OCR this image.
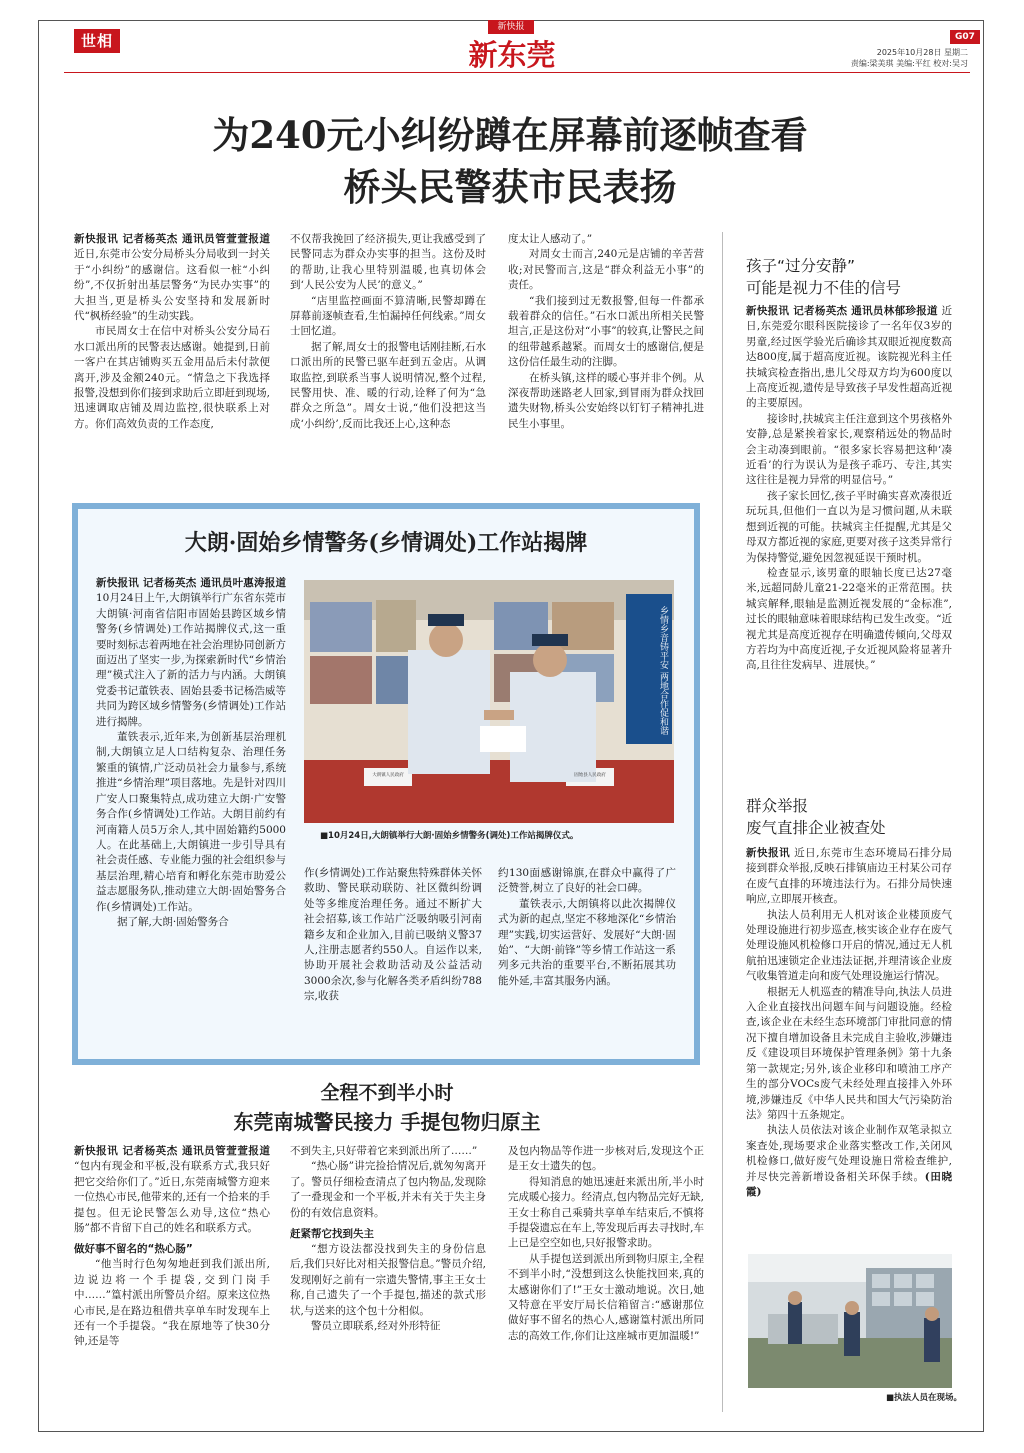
世相
新快报
新东莞
G07
2025年10月28日 星期二
责编:梁美琪 美编:平红 校对:吴习
为240元小纠纷蹲在屏幕前逐帧查看
桥头民警获市民表扬

新快报讯 记者杨英杰 通讯员管萱萱报道 近日,东莞市公安分局桥头分局收到一封关于“小纠纷”的感谢信。这看似一桩“小纠纷”,不仅折射出基层警务“为民办实事”的大担当,更是桥头公安坚持和发展新时代“枫桥经验”的生动实践。

市民周女士在信中对桥头公安分局石水口派出所的民警表达感谢。她提到,日前一客户在其店铺购买五金用品后未付款便离开,涉及金额240元。“情急之下我选择报警,没想到你们接到求助后立即赶到现场,迅速调取店铺及周边监控,很快联系上对方。你们高效负责的工作态度,

不仅帮我挽回了经济损失,更让我感受到了民警同志为群众办实事的担当。这份及时的帮助,让我心里特别温暖,也真切体会到‘人民公安为人民’的意义。”

“店里监控画面不算清晰,民警却蹲在屏幕前逐帧查看,生怕漏掉任何线索。”周女士回忆道。

据了解,周女士的报警电话刚挂断,石水口派出所的民警已驱车赶到五金店。从调取监控,到联系当事人说明情况,整个过程,民警用快、准、暖的行动,诠释了何为“急群众之所急”。周女士说,“他们没把这当成‘小纠纷’,反而比我还上心,这种态

度太让人感动了。”

对周女士而言,240元是店铺的辛苦营收;对民警而言,这是“群众利益无小事”的责任。

“我们接到过无数报警,但每一件都承载着群众的信任。”石水口派出所相关民警坦言,正是这份对“小事”的较真,让警民之间的纽带越系越紧。而周女士的感谢信,便是这份信任最生动的注脚。

在桥头镇,这样的暖心事并非个例。从深夜帮助迷路老人回家,到冒雨为群众找回遗失财物,桥头公安始终以钉钉子精神扎进民生小事里。

大朗·固始乡情警务(乡情调处)工作站揭牌

新快报讯 记者杨英杰 通讯员叶惠涛报道 10月24日上午,大朗镇举行广东省东莞市大朗镇·河南省信阳市固始县跨区域乡情警务(乡情调处)工作站揭牌仪式,这一重要时刻标志着两地在社会治理协同创新方面迈出了坚实一步,为探索新时代“乡情治理”模式注入了新的活力与内涵。大朗镇党委书记董铁表、固始县委书记杨浩威等共同为跨区域乡情警务(乡情调处)工作站进行揭牌。

董铁表示,近年来,为创新基层治理机制,大朗镇立足人口结构复杂、治理任务繁重的镇情,广泛动员社会力量参与,系统推进“乡情治理”项目落地。先是针对四川广安人口聚集特点,成功建立大朗·广安警务合作(乡情调处)工作站。大朗目前约有河南籍人员5万余人,其中固始籍约5000人。在此基础上,大朗镇进一步引导具有社会责任感、专业能力强的社会组织参与基层治理,精心培育和孵化东莞市助爱公益志愿服务队,推动建立大朗·固始警务合作(乡情调处)工作站。

据了解,大朗·固始警务合

乡情乡音铸平安 两地合作促和谐
大朗镇人民政府	固始县人民政府
■10月24日,大朗镇举行大朗·固始乡情警务(调处)工作站揭牌仪式。

作(乡情调处)工作站聚焦特殊群体关怀救助、警民联动联防、社区微纠纷调处等多维度治理任务。通过不断扩大社会招募,该工作站广泛吸纳吸引河南籍乡友和企业加入,目前已吸纳义警37人,注册志愿者约550人。自运作以来,协助开展社会救助活动及公益活动3000余次,参与化解各类矛盾纠纷788宗,收获

约130面感谢锦旗,在群众中赢得了广泛赞誉,树立了良好的社会口碑。

董铁表示,大朗镇将以此次揭牌仪式为新的起点,坚定不移地深化“乡情治理”实践,切实运营好、发展好“大朗·固始”、“大朗·前锋”等乡情工作站这一系列多元共治的重要平台,不断拓展其功能外延,丰富其服务内涵。

全程不到半小时
东莞南城警民接力 手提包物归原主

新快报讯 记者杨英杰 通讯员管萱萱报道 “包内有现金和平板,没有联系方式,我只好把它交给你们了。”近日,东莞南城警方迎来一位热心市民,他带来的,还有一个拾来的手提包。但无论民警怎么劝导,这位“热心肠”都不肯留下自己的姓名和联系方式。

做好事不留名的“热心肠”

“他当时行色匆匆地赶到我们派出所,边说边将一个手提袋,交到门岗手中……”篁村派出所警员介绍。原来这位热心市民,是在路边租借共享单车时发现车上还有一个手提袋。“我在原地等了快30分钟,还是等

不到失主,只好带着它来到派出所了……”

“热心肠”讲完捡拾情况后,就匆匆离开了。警员仔细检查清点了包内物品,发现除了一叠现金和一个平板,并未有关于失主身份的有效信息资料。

赶紧帮它找到失主

“想方设法都没找到失主的身份信息后,我们只好比对相关报警信息。”警员介绍,发现刚好之前有一宗遗失警情,事主王女士称,自己遗失了一个手提包,描述的款式形状,与送来的这个包十分相似。

警员立即联系,经对外形特征

及包内物品等作进一步核对后,发现这个正是王女士遗失的包。

得知消息的她迅速赶来派出所,半小时完成暖心接力。经清点,包内物品完好无缺,王女士称自己乘骑共享单车结束后,不慎将手提袋遗忘在车上,等发现后再去寻找时,车上已是空空如也,只好报警求助。

从手提包送到派出所到物归原主,全程不到半小时,“没想到这么快能找回来,真的太感谢你们了!”王女士激动地说。次日,她又特意在平安厅局长信箱留言:“感谢那位做好事不留名的热心人,感谢篁村派出所同志的高效工作,你们让这座城市更加温暖!”

孩子“过分安静”
可能是视力不佳的信号

新快报讯 记者杨英杰 通讯员林郁珍报道 近日,东莞爱尔眼科医院接诊了一名年仅3岁的男童,经过医学验光后确诊其双眼近视度数高达800度,属于超高度近视。该院视光科主任扶城宾检查指出,患儿父母双方均为600度以上高度近视,遗传是导致孩子早发性超高近视的主要原因。

接诊时,扶城宾主任注意到这个男孩格外安静,总是紧挨着家长,观察稍远处的物品时会主动凑到眼前。“很多家长容易把这种‘凑近看’的行为误认为是孩子乖巧、专注,其实这往往是视力异常的明显信号。”

孩子家长回忆,孩子平时确实喜欢凑很近玩玩具,但他们一直以为是习惯问题,从未联想到近视的可能。扶城宾主任提醒,尤其是父母双方都近视的家庭,更要对孩子这类异常行为保持警觉,避免因忽视延误干预时机。

检查显示,该男童的眼轴长度已达27毫米,远超同龄儿童21-22毫米的正常范围。扶城宾解释,眼轴是监测近视发展的“金标准”,过长的眼轴意味着眼球结构已发生改变。“近视尤其是高度近视存在明确遗传倾向,父母双方若均为中高度近视,子女近视风险将显著升高,且往往发病早、进展快。”

群众举报
废气直排企业被查处

新快报讯 近日,东莞市生态环境局石排分局接到群众举报,反映石排镇庙边王村某公司存在废气直排的环境违法行为。石排分局快速响应,立即展开核查。

执法人员利用无人机对该企业楼顶废气处理设施进行初步巡查,核实该企业存在废气处理设施风机检修口开启的情况,通过无人机航拍迅速锁定企业违法证据,并理清该企业废气收集管道走向和废气处理设施运行情况。

根据无人机巡查的精准导向,执法人员进入企业直接找出问题车间与问题设施。经检查,该企业在未经生态环境部门审批同意的情况下擅自增加设备且未完成自主验收,涉嫌违反《建设项目环境保护管理条例》第十九条第一款规定;另外,该企业移印和喷油工序产生的部分VOCs废气未经处理直接排入外环境,涉嫌违反《中华人民共和国大气污染防治法》第四十五条规定。

执法人员依法对该企业制作双笔录拟立案查处,现场要求企业落实整改工作,关闭风机检修口,做好废气处理设施日常检查维护,并尽快完善新增设备相关环保手续。(田晓霞)

■执法人员在现场。
